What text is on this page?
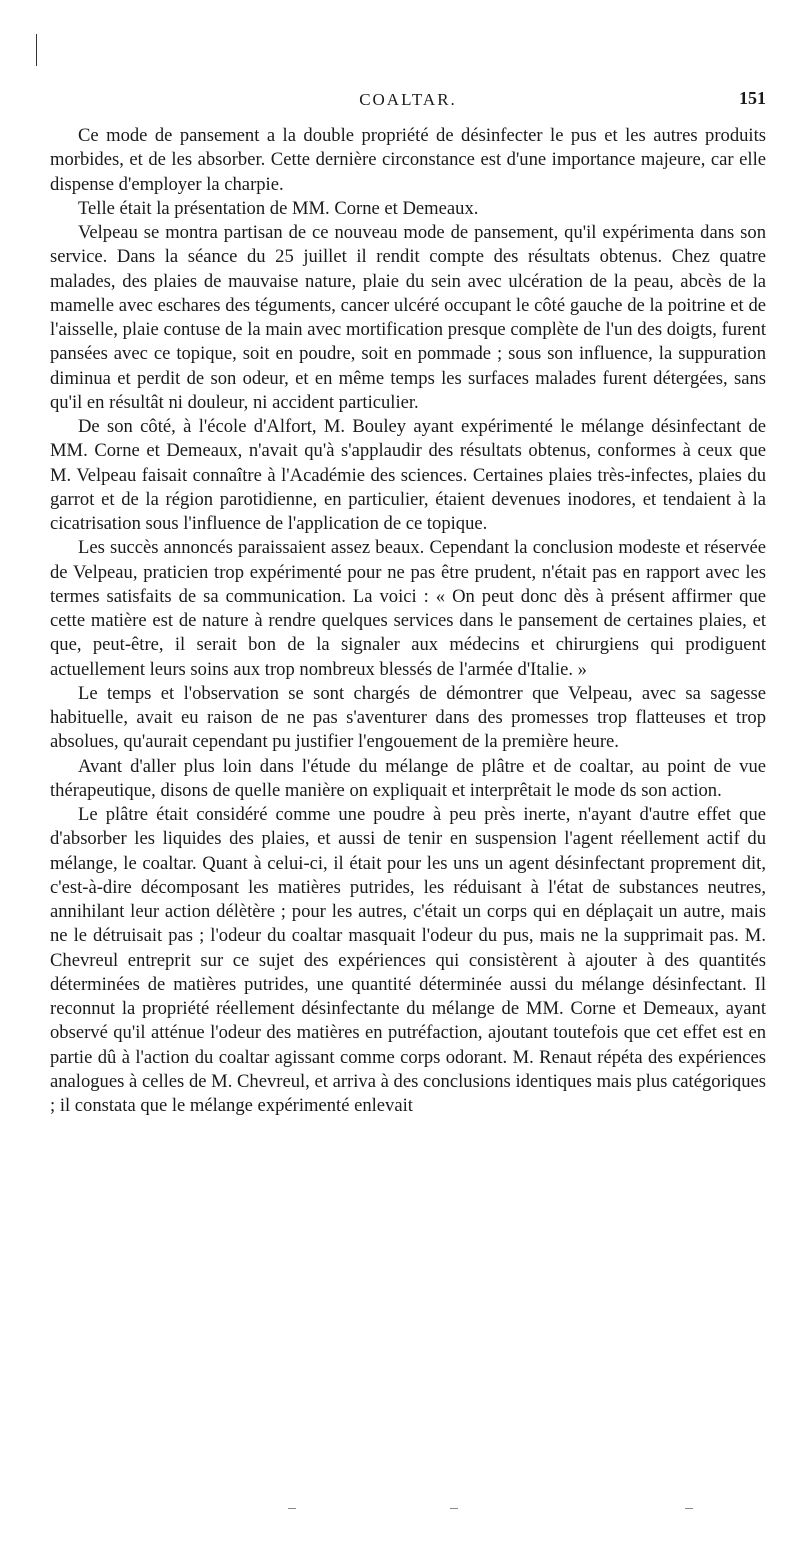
COALTAR.	151

Ce mode de pansement a la double propriété de désinfecter le pus et les autres produits morbides, et de les absorber. Cette dernière circonstance est d'une importance majeure, car elle dispense d'employer la charpie.

Telle était la présentation de MM. Corne et Demeaux.

Velpeau se montra partisan de ce nouveau mode de pansement, qu'il expérimenta dans son service. Dans la séance du 25 juillet il rendit compte des résultats obtenus. Chez quatre malades, des plaies de mauvaise nature, plaie du sein avec ulcération de la peau, abcès de la mamelle avec eschares des téguments, cancer ulcéré occupant le côté gauche de la poitrine et de l'aisselle, plaie contuse de la main avec mortification presque complète de l'un des doigts, furent pansées avec ce topique, soit en poudre, soit en pommade ; sous son influence, la suppuration diminua et perdit de son odeur, et en même temps les surfaces malades furent détergées, sans qu'il en résultât ni douleur, ni accident particulier.

De son côté, à l'école d'Alfort, M. Bouley ayant expérimenté le mélange désinfectant de MM. Corne et Demeaux, n'avait qu'à s'applaudir des résultats obtenus, conformes à ceux que M. Velpeau faisait connaître à l'Académie des sciences. Certaines plaies très-infectes, plaies du garrot et de la région parotidienne, en particulier, étaient devenues inodores, et tendaient à la cicatrisation sous l'influence de l'application de ce topique.

Les succès annoncés paraissaient assez beaux. Cependant la conclusion modeste et réservée de Velpeau, praticien trop expérimenté pour ne pas être prudent, n'était pas en rapport avec les termes satisfaits de sa communication. La voici : « On peut donc dès à présent affirmer que cette matière est de nature à rendre quelques services dans le pansement de certaines plaies, et que, peut-être, il serait bon de la signaler aux médecins et chirurgiens qui prodiguent actuellement leurs soins aux trop nombreux blessés de l'armée d'Italie. »

Le temps et l'observation se sont chargés de démontrer que Velpeau, avec sa sagesse habituelle, avait eu raison de ne pas s'aventurer dans des promesses trop flatteuses et trop absolues, qu'aurait cependant pu justifier l'engouement de la première heure.

Avant d'aller plus loin dans l'étude du mélange de plâtre et de coaltar, au point de vue thérapeutique, disons de quelle manière on expliquait et interprêtait le mode ds son action.

Le plâtre était considéré comme une poudre à peu près inerte, n'ayant d'autre effet que d'absorber les liquides des plaies, et aussi de tenir en suspension l'agent réellement actif du mélange, le coaltar. Quant à celui-ci, il était pour les uns un agent désinfectant proprement dit, c'est-à-dire décomposant les matières putrides, les réduisant à l'état de substances neutres, annihilant leur action délètère ; pour les autres, c'était un corps qui en déplaçait un autre, mais ne le détruisait pas ; l'odeur du coaltar masquait l'odeur du pus, mais ne la supprimait pas. M. Chevreul entreprit sur ce sujet des expériences qui consistèrent à ajouter à des quantités déterminées de matières putrides, une quantité déterminée aussi du mélange désinfectant. Il reconnut la propriété réellement désinfectante du mélange de MM. Corne et Demeaux, ayant observé qu'il atténue l'odeur des matières en putréfaction, ajoutant toutefois que cet effet est en partie dû à l'action du coaltar agissant comme corps odorant. M. Renaut répéta des expériences analogues à celles de M. Chevreul, et arriva à des conclusions identiques mais plus catégoriques ; il constata que le mélange expérimenté enlevait
